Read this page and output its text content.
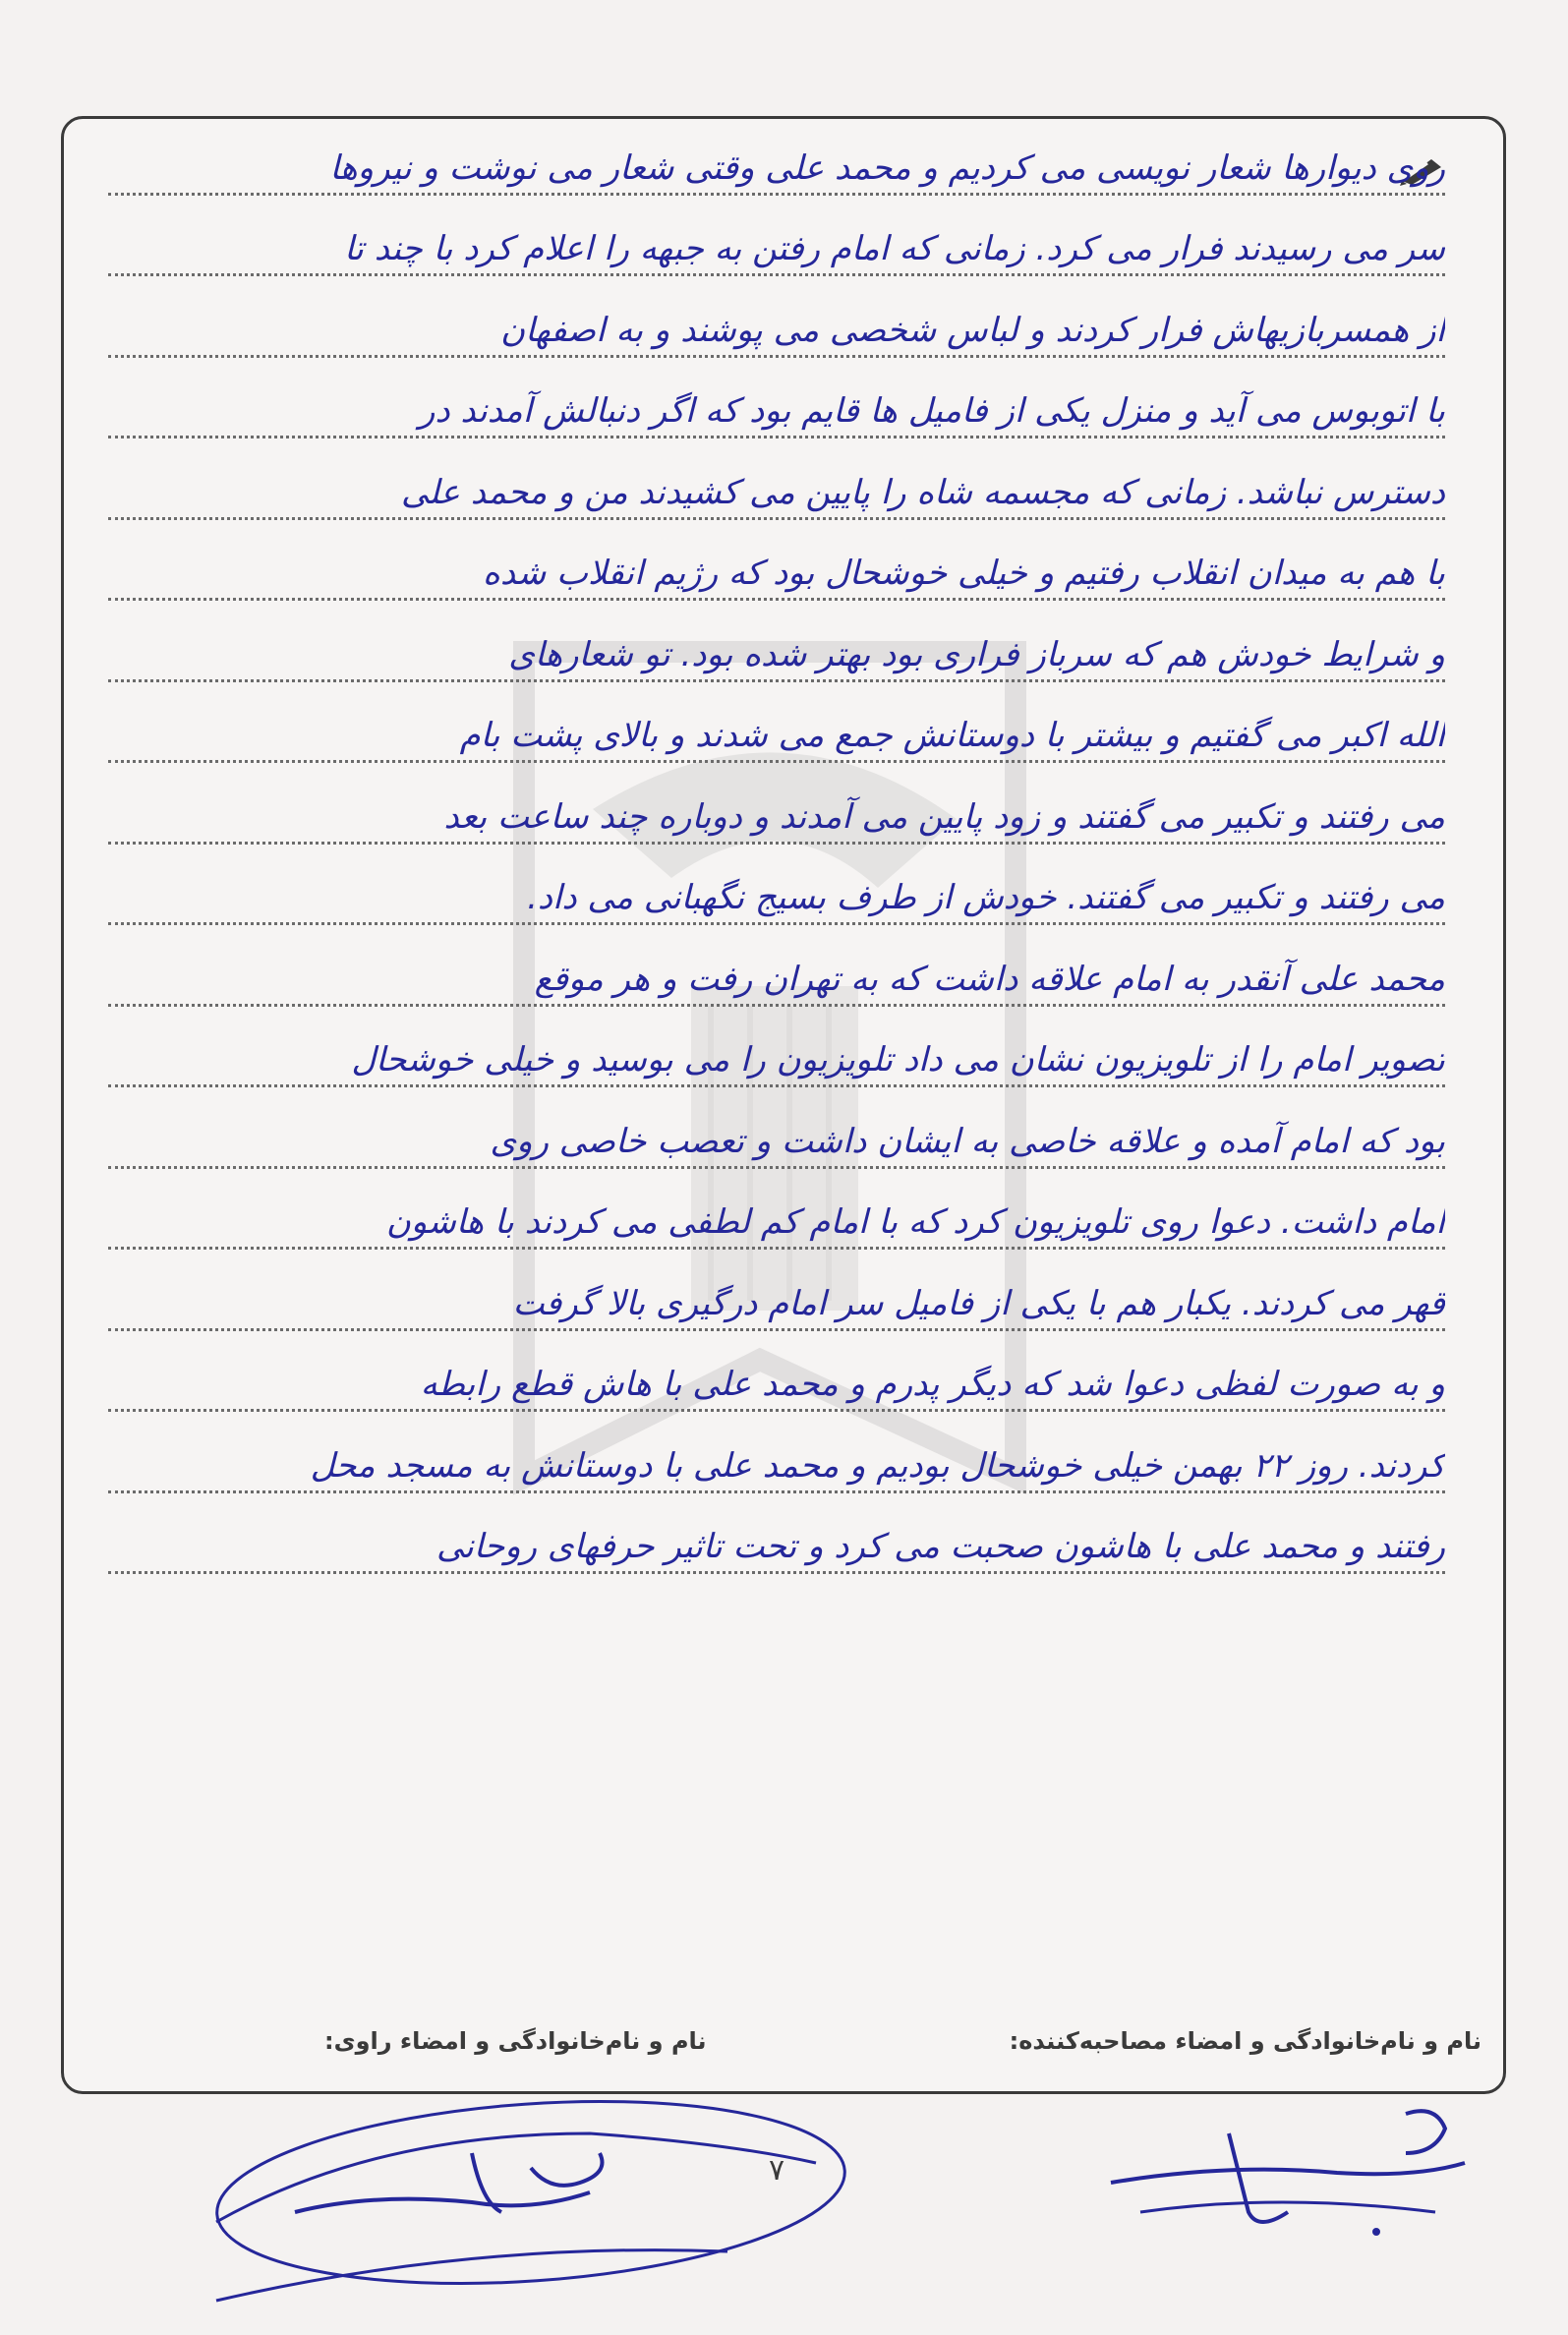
روی دیوارها شعار نویسی می کردیم و محمد علی وقتی شعار می نوشت و نیروها
سر می رسیدند فرار می کرد. زمانی که امام رفتن به جبهه را اعلام کرد با چند تا
از همسربازیهاش فرار کردند و لباس شخصی می پوشند و به اصفهان
با اتوبوس می آید و منزل یکی از فامیل ها قایم بود که اگر دنبالش آمدند در
دسترس نباشد. زمانی که مجسمه شاه را پایین می کشیدند من و محمد علی
با هم به میدان انقلاب رفتیم و خیلی خوشحال بود که رژیم انقلاب شده
و شرایط خودش هم که سرباز فراری بود بهتر شده بود. تو شعارهای
الله اکبر می گفتیم و بیشتر با دوستانش جمع می شدند و بالای پشت بام
می رفتند و تکبیر می گفتند و زود پایین می آمدند و دوباره چند ساعت بعد
می رفتند و تکبیر می گفتند. خودش از طرف بسیج نگهبانی می داد.
محمد علی آنقدر به امام علاقه داشت که به تهران رفت و هر موقع
تصویر امام را از تلویزیون نشان می داد تلویزیون را می بوسید و خیلی خوشحال
بود که امام آمده و علاقه خاصی به ایشان داشت و تعصب خاصی روی
امام داشت. دعوا روی تلویزیون کرد که با امام کم لطفی می کردند با هاشون
قهر می کردند. یکبار هم با یکی از فامیل سر امام درگیری بالا گرفت
و به صورت لفظی دعوا شد که دیگر پدرم و محمد علی با هاش قطع رابطه
کردند. روز ۲۲ بهمن خیلی خوشحال بودیم و محمد علی با دوستانش به مسجد محل
رفتند و محمد علی با هاشون صحبت می کرد و تحت تاثیر حرفهای روحانی
نام و نام‌خانوادگی و امضاء مصاحبه‌کننده:
نام و نام‌خانوادگی و امضاء راوی:
۷
